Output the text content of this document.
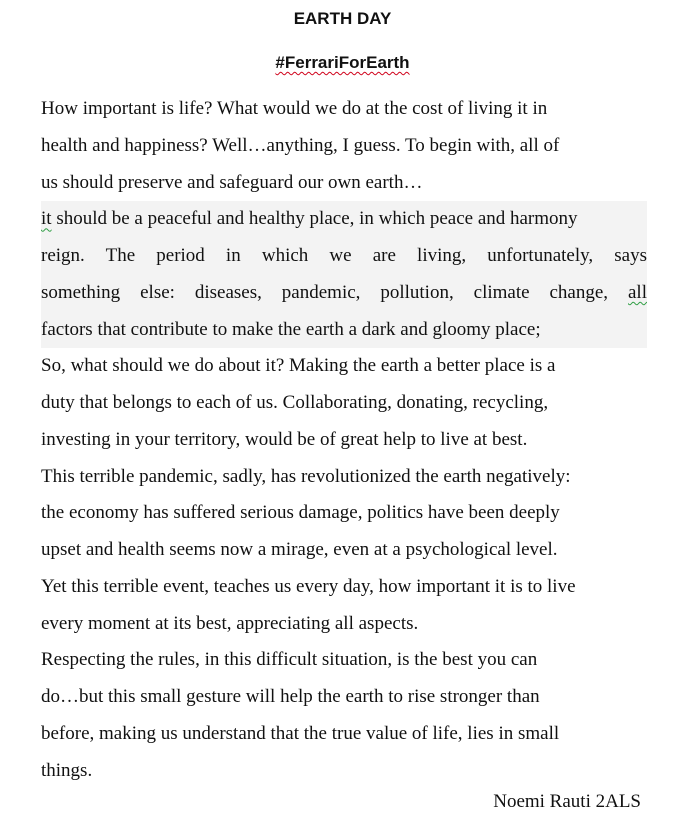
EARTH DAY
#FerrariForEarth
How important is life? What would we do at the cost of living it in
health and happiness? Well…anything, I guess. To begin with, all of
us should preserve and safeguard our own earth…
it should be a peaceful and healthy place, in which peace and harmony
reign. The period in which we are living, unfortunately, says
something else: diseases, pandemic, pollution, climate change, all
factors that contribute to make the earth a dark and gloomy place;
So, what should we do about it? Making the earth a better place is a
duty that belongs to each of us. Collaborating, donating, recycling,
investing in your territory, would be of great help to live at best.
This terrible pandemic, sadly, has revolutionized the earth negatively:
the economy has suffered serious damage, politics have been deeply
upset and health seems now a mirage, even at a psychological level.
Yet this terrible event, teaches us every day, how important it is to live
every moment at its best, appreciating all aspects.
Respecting the rules, in this difficult situation, is the best you can
do…but this small gesture will help the earth to rise stronger than
before, making us understand that the true value of life, lies in small
things.

Noemi Rauti 2ALS
